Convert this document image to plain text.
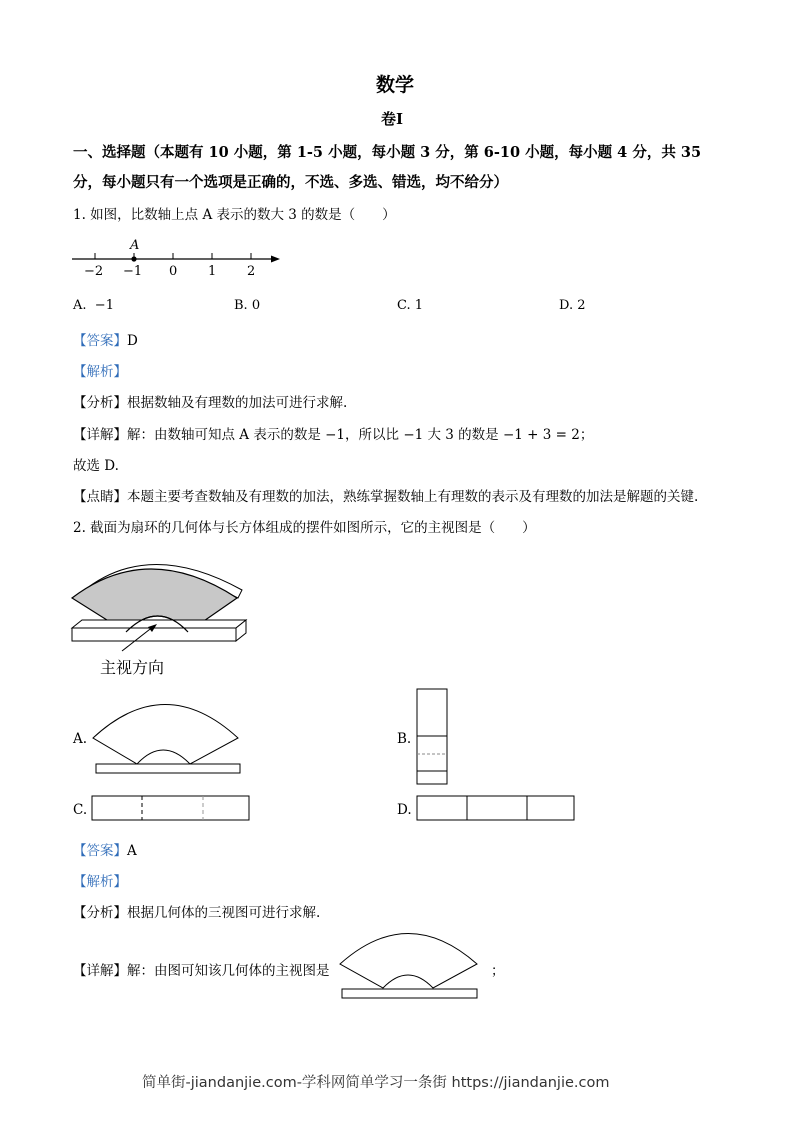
数学
卷Ⅰ
一、选择题（本题有 10 小题，第 1-5 小题，每小题 3 分，第 6-10 小题，每小题 4 分，共 35
分，每小题只有一个选项是正确的，不选、多选、错选，均不给分）
1. 如图，比数轴上点 A 表示的数大 3 的数是（　　）
A
−2 −1 0 1 2
A. −1	B. 0	C. 1	D. 2
【答案】D
【解析】
【分析】根据数轴及有理数的加法可进行求解.
【详解】解：由数轴可知点 A 表示的数是 −1，所以比 −1 大 3 的数是 −1 + 3 = 2；
故选 D.
【点睛】本题主要考查数轴及有理数的加法，熟练掌握数轴上有理数的表示及有理数的加法是解题的关键.
2. 截面为扇环的几何体与长方体组成的摆件如图所示，它的主视图是（　　）
主视方向
A.	B.
C.	D.
【答案】A
【解析】
【分析】根据几何体的三视图可进行求解.
【详解】解：由图可知该几何体的主视图是	；
简单街-jiandanjie.com-学科网简单学习一条街 https://jiandanjie.com
